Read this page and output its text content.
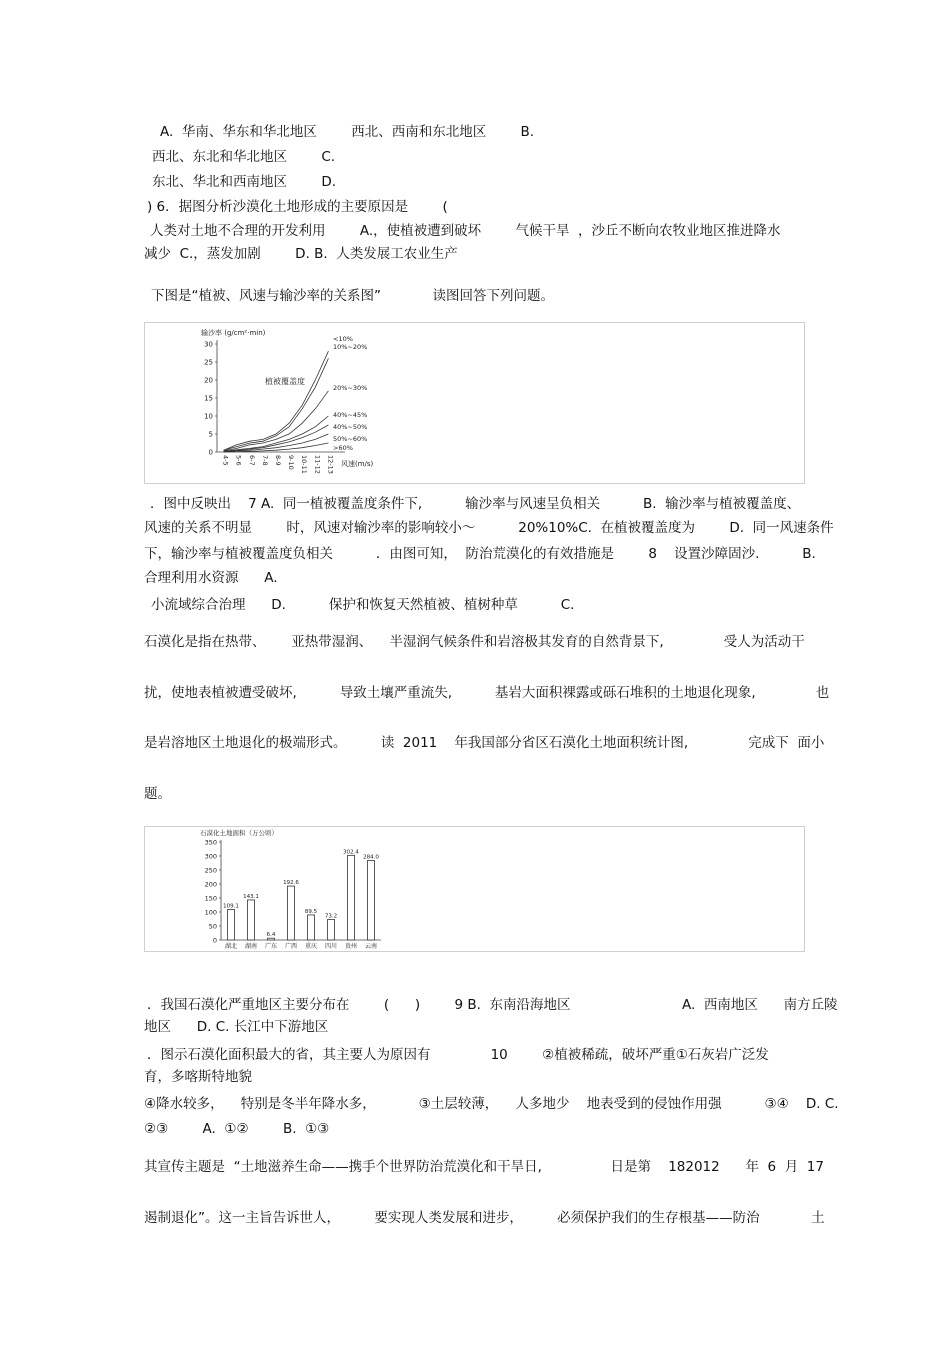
A.  华南、华东和华北地区        西北、西南和东北地区        B.
西北、东北和华北地区        C.
东北、华北和西南地区        D.
) 6．据图分析沙漠化土地形成的主要原因是        (
人类对土地不合理的开发利用        A.，使植被遭到破坏        气候干旱  ，沙丘不断向农牧业地区推进降水
减少  C.，蒸发加剧        D. B.  人类发展工农业生产
下图是“植被、风速与输沙率的关系图”            读图回答下列问题。
输沙率 (g/cm²·min)
30
25
20
15
10
5
0
4-5 5-6 6-7 7-8 8-9 9-10 10-11 11-12 12-13
<10%
10%~20%
20%~30%
40%~45%
40%~50%
50%~60%
>60%
植被覆盖度
风速(m/s)
．图中反映出    7 A.  同一植被覆盖度条件下,          输沙率与风速呈负相关          B.  输沙率与植被覆盖度、
风速的关系不明显        时，风速对输沙率的影响较小～          20%10%C.  在植被覆盖度为        D.  同一风速条件
下，输沙率与植被覆盖度负相关          ．由图可知，  防治荒漠化的有效措施是        8    设置沙障固沙.          B.
合理利用水资源      A.
小流域综合治理      D.          保护和恢复天然植被、植树种草          C.
石漠化是指在热带、      亚热带湿润、    半湿润气候条件和岩溶极其发育的自然背景下,              受人为活动干
扰，使地表植被遭受破坏,          导致土壤严重流失,          基岩大面积裸露或砾石堆积的土地退化现象,              也
是岩溶地区土地退化的极端形式。        读  2011    年我国部分省区石漠化土地面积统计图,              完成下  面小
题。
石漠化土地面积（万公顷）
350
300
250
200
150
100
50
0
109.1
湖北
143.1
湖南
6.4
广东
192.6
广西
89.5
重庆
73.2
四川
302.4
贵州
284.0
云南
．我国石漠化严重地区主要分布在        (      )        9 B.  东南沿海地区                          A.  西南地区      南方丘陵
地区      D. C. 长江中下游地区
．图示石漠化面积最大的省，其主要人为原因有              10        ②植被稀疏，破坏严重①石灰岩广泛发
育，多喀斯特地貌
④降水较多，    特别是冬半年降水多，          ③土层较薄，    人多地少    地表受到的侵蚀作用强          ③④    D. C.
②③        A.  ①②        B.  ①③
其宣传主题是  “土地滋养生命——携手个世界防治荒漠化和干旱日,                日是第    182012      年  6  月  17
遏制退化”。这一主旨告诉世人，        要实现人类发展和进步，        必须保护我们的生存根基——防治            土
